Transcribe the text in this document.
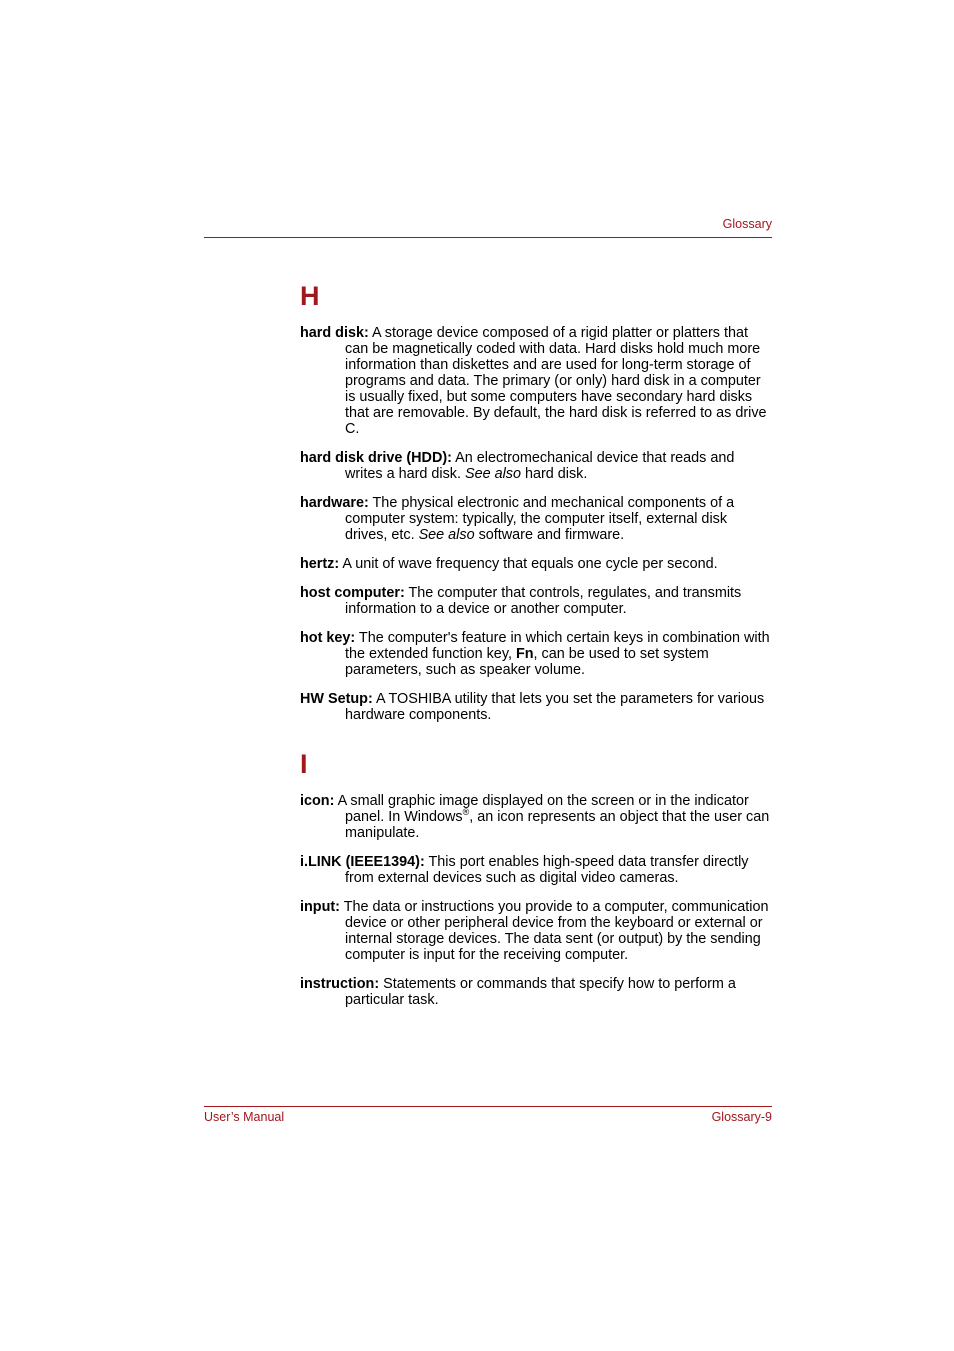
Glossary
H

hard disk: A storage device composed of a rigid platter or platters that can be magnetically coded with data. Hard disks hold much more information than diskettes and are used for long-term storage of programs and data. The primary (or only) hard disk in a computer is usually fixed, but some computers have secondary hard disks that are removable. By default, the hard disk is referred to as drive C.

hard disk drive (HDD): An electromechanical device that reads and writes a hard disk. See also hard disk.

hardware: The physical electronic and mechanical components of a computer system: typically, the computer itself, external disk drives, etc. See also software and firmware.

hertz: A unit of wave frequency that equals one cycle per second.

host computer: The computer that controls, regulates, and transmits information to a device or another computer.

hot key: The computer's feature in which certain keys in combination with the extended function key, Fn, can be used to set system parameters, such as speaker volume.

HW Setup: A TOSHIBA utility that lets you set the parameters for various hardware components.

I

icon: A small graphic image displayed on the screen or in the indicator panel. In Windows®, an icon represents an object that the user can manipulate.

i.LINK (IEEE1394): This port enables high-speed data transfer directly from external devices such as digital video cameras.

input: The data or instructions you provide to a computer, communication device or other peripheral device from the keyboard or external or internal storage devices. The data sent (or output) by the sending computer is input for the receiving computer.

instruction: Statements or commands that specify how to perform a particular task.

User’s Manual	Glossary-9
